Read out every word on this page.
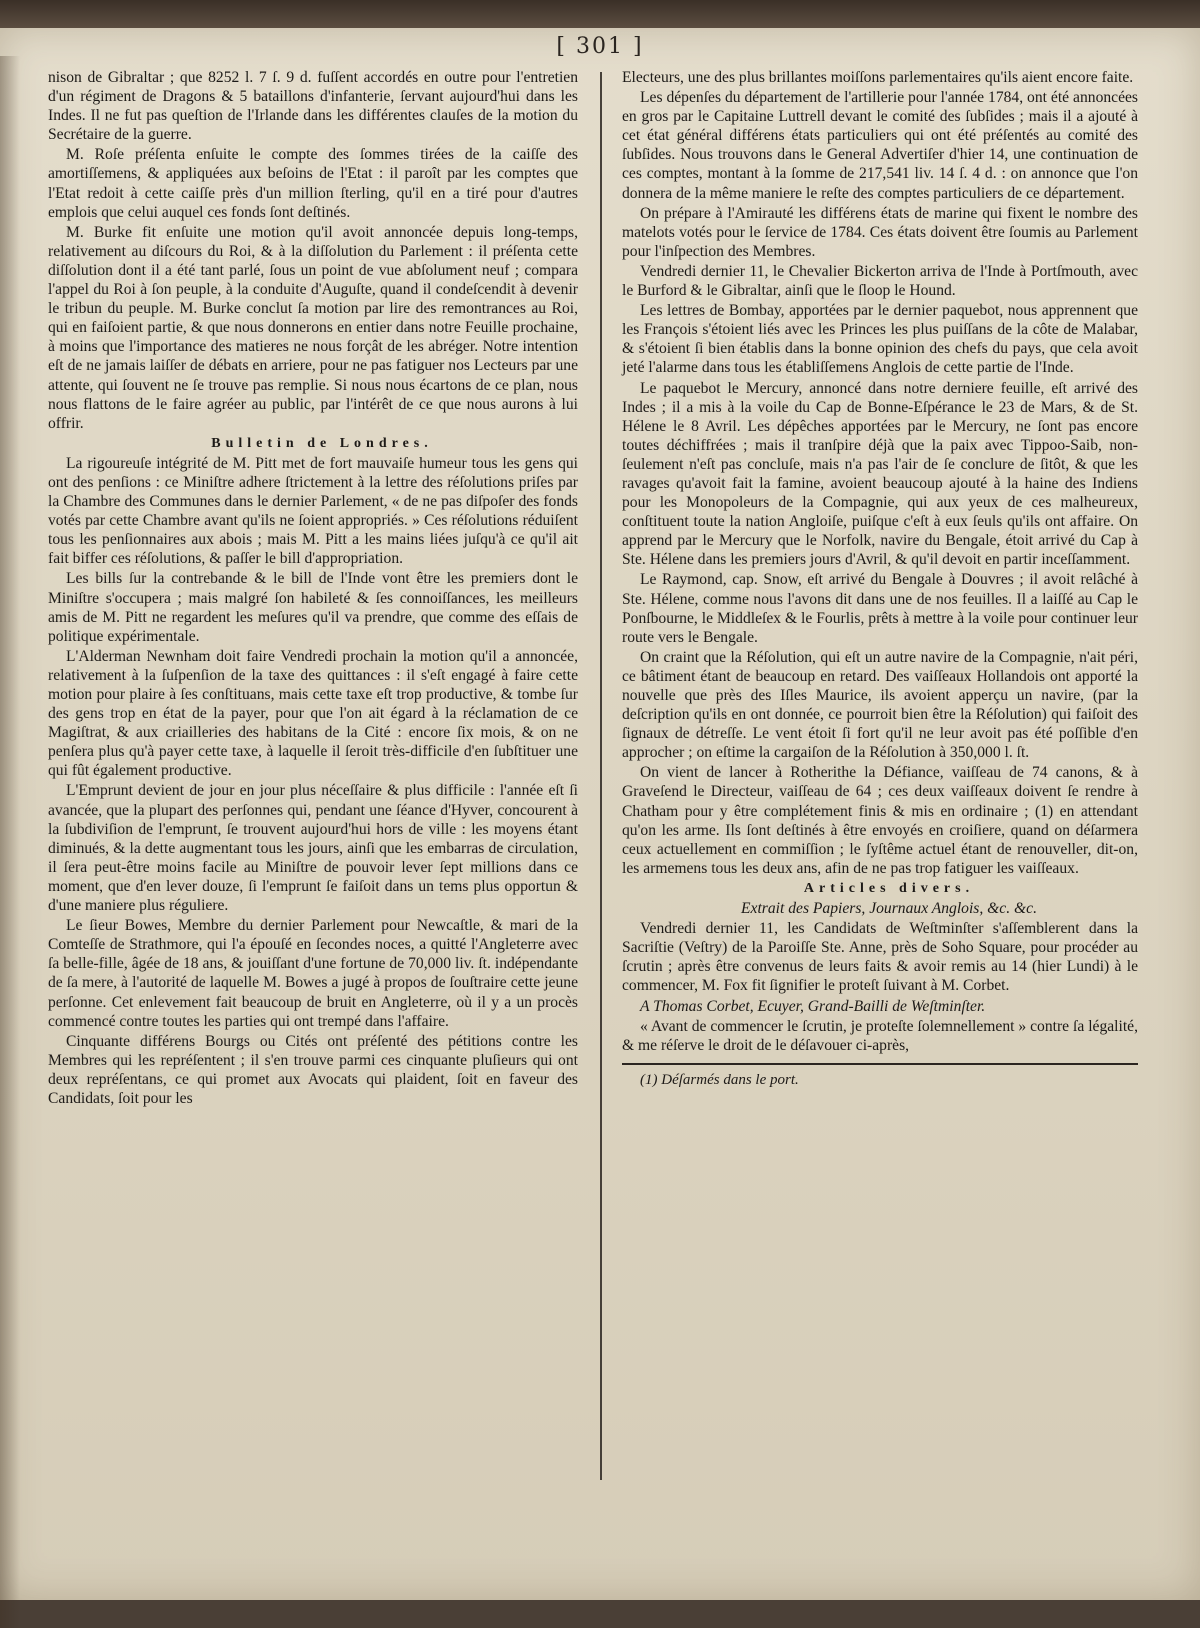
[ 301 ]

nison de Gibraltar ; que 8252 l. 7 ſ. 9 d. fuſſent accordés en outre pour l'entretien d'un régiment de Dragons & 5 bataillons d'infanterie, ſervant aujourd'hui dans les Indes. Il ne fut pas queſtion de l'Irlande dans les différentes clauſes de la motion du Secrétaire de la guerre.

M. Roſe préſenta enſuite le compte des ſommes tirées de la caiſſe des amortiſſemens, & appliquées aux beſoins de l'Etat : il paroît par les comptes que l'Etat redoit à cette caiſſe près d'un million ſterling, qu'il en a tiré pour d'autres emplois que celui auquel ces fonds ſont deſtinés.

M. Burke fit enſuite une motion qu'il avoit annoncée depuis long-temps, relativement au diſcours du Roi, & à la diſſolution du Parlement : il préſenta cette diſſolution dont il a été tant parlé, ſous un point de vue abſolument neuf ; compara l'appel du Roi à ſon peuple, à la conduite d'Auguſte, quand il condeſcendit à devenir le tribun du peuple. M. Burke conclut ſa motion par lire des remontrances au Roi, qui en faiſoient partie, & que nous donnerons en entier dans notre Feuille prochaine, à moins que l'importance des matieres ne nous forçât de les abréger. Notre intention eſt de ne jamais laiſſer de débats en arriere, pour ne pas fatiguer nos Lecteurs par une attente, qui ſouvent ne ſe trouve pas remplie. Si nous nous écartons de ce plan, nous nous flattons de le faire agréer au public, par l'intérêt de ce que nous aurons à lui offrir.

Bulletin de Londres.

La rigoureuſe intégrité de M. Pitt met de fort mauvaiſe humeur tous les gens qui ont des penſions : ce Miniſtre adhere ſtrictement à la lettre des réſolutions priſes par la Chambre des Communes dans le dernier Parlement, « de ne pas diſpoſer des fonds votés par cette Chambre avant qu'ils ne ſoient appropriés. » Ces réſolutions réduiſent tous les penſionnaires aux abois ; mais M. Pitt a les mains liées juſqu'à ce qu'il ait fait biffer ces réſolutions, & paſſer le bill d'appropriation.

Les bills ſur la contrebande & le bill de l'Inde vont être les premiers dont le Miniſtre s'occupera ; mais malgré ſon habileté & ſes connoiſſances, les meilleurs amis de M. Pitt ne regardent les meſures qu'il va prendre, que comme des eſſais de politique expérimentale.

L'Alderman Newnham doit faire Vendredi prochain la motion qu'il a annoncée, relativement à la ſuſpenſion de la taxe des quittances : il s'eſt engagé à faire cette motion pour plaire à ſes conſtituans, mais cette taxe eſt trop productive, & tombe ſur des gens trop en état de la payer, pour que l'on ait égard à la réclamation de ce Magiſtrat, & aux criailleries des habitans de la Cité : encore ſix mois, & on ne penſera plus qu'à payer cette taxe, à laquelle il ſeroit très-difficile d'en ſubſtituer une qui fût également productive.

L'Emprunt devient de jour en jour plus néceſſaire & plus difficile : l'année eſt ſi avancée, que la plupart des perſonnes qui, pendant une ſéance d'Hyver, concourent à la ſubdiviſion de l'emprunt, ſe trouvent aujourd'hui hors de ville : les moyens étant diminués, & la dette augmentant tous les jours, ainſi que les embarras de circulation, il ſera peut-être moins facile au Miniſtre de pouvoir lever ſept millions dans ce moment, que d'en lever douze, ſi l'emprunt ſe faiſoit dans un tems plus opportun & d'une maniere plus réguliere.

Le ſieur Bowes, Membre du dernier Parlement pour Newcaſtle, & mari de la Comteſſe de Strathmore, qui l'a épouſé en ſecondes noces, a quitté l'Angleterre avec ſa belle-fille, âgée de 18 ans, & jouiſſant d'une fortune de 70,000 liv. ſt. indépendante de ſa mere, à l'autorité de laquelle M. Bowes a jugé à propos de ſouſtraire cette jeune perſonne. Cet enlevement fait beaucoup de bruit en Angleterre, où il y a un procès commencé contre toutes les parties qui ont trempé dans l'affaire.

Cinquante différens Bourgs ou Cités ont préſenté des pétitions contre les Membres qui les repréſentent ; il s'en trouve parmi ces cinquante pluſieurs qui ont deux repréſentans, ce qui promet aux Avocats qui plaident, ſoit en faveur des Candidats, ſoit pour les

Electeurs, une des plus brillantes moiſſons parlementaires qu'ils aient encore faite.

Les dépenſes du département de l'artillerie pour l'année 1784, ont été annoncées en gros par le Capitaine Luttrell devant le comité des ſubſides ; mais il a ajouté à cet état général différens états particuliers qui ont été préſentés au comité des ſubſides. Nous trouvons dans le General Advertiſer d'hier 14, une continuation de ces comptes, montant à la ſomme de 217,541 liv. 14 ſ. 4 d. : on annonce que l'on donnera de la même maniere le reſte des comptes particuliers de ce département.

On prépare à l'Amirauté les différens états de marine qui fixent le nombre des matelots votés pour le ſervice de 1784. Ces états doivent être ſoumis au Parlement pour l'inſpection des Membres.

Vendredi dernier 11, le Chevalier Bickerton arriva de l'Inde à Portſmouth, avec le Burford & le Gibraltar, ainſi que le ſloop le Hound.

Les lettres de Bombay, apportées par le dernier paquebot, nous apprennent que les François s'étoient liés avec les Princes les plus puiſſans de la côte de Malabar, & s'étoient ſi bien établis dans la bonne opinion des chefs du pays, que cela avoit jeté l'alarme dans tous les établiſſemens Anglois de cette partie de l'Inde.

Le paquebot le Mercury, annoncé dans notre derniere feuille, eſt arrivé des Indes ; il a mis à la voile du Cap de Bonne-Eſpérance le 23 de Mars, & de St. Hélene le 8 Avril. Les dépêches apportées par le Mercury, ne ſont pas encore toutes déchiffrées ; mais il tranſpire déjà que la paix avec Tippoo-Saib, non-ſeulement n'eſt pas concluſe, mais n'a pas l'air de ſe conclure de ſitôt, & que les ravages qu'avoit fait la famine, avoient beaucoup ajouté à la haine des Indiens pour les Monopoleurs de la Compagnie, qui aux yeux de ces malheureux, conſtituent toute la nation Angloiſe, puiſque c'eſt à eux ſeuls qu'ils ont affaire. On apprend par le Mercury que le Norfolk, navire du Bengale, étoit arrivé du Cap à Ste. Hélene dans les premiers jours d'Avril, & qu'il devoit en partir inceſſamment.

Le Raymond, cap. Snow, eſt arrivé du Bengale à Douvres ; il avoit relâché à Ste. Hélene, comme nous l'avons dit dans une de nos feuilles. Il a laiſſé au Cap le Ponſbourne, le Middleſex & le Fourlis, prêts à mettre à la voile pour continuer leur route vers le Bengale.

On craint que la Réſolution, qui eſt un autre navire de la Compagnie, n'ait péri, ce bâtiment étant de beaucoup en retard. Des vaiſſeaux Hollandois ont apporté la nouvelle que près des Iſles Maurice, ils avoient apperçu un navire, (par la deſcription qu'ils en ont donnée, ce pourroit bien être la Réſolution) qui faiſoit des ſignaux de détreſſe. Le vent étoit ſi fort qu'il ne leur avoit pas été poſſible d'en approcher ; on eſtime la cargaiſon de la Réſolution à 350,000 l. ſt.

On vient de lancer à Rotherithe la Défiance, vaiſſeau de 74 canons, & à Graveſend le Directeur, vaiſſeau de 64 ; ces deux vaiſſeaux doivent ſe rendre à Chatham pour y être complétement finis & mis en ordinaire ; (1) en attendant qu'on les arme. Ils ſont deſtinés à être envoyés en croiſiere, quand on déſarmera ceux actuellement en commiſſion ; le ſyſtême actuel étant de renouveller, dit-on, les armemens tous les deux ans, afin de ne pas trop fatiguer les vaiſſeaux.

Articles divers.

Extrait des Papiers, Journaux Anglois, &c. &c.

Vendredi dernier 11, les Candidats de Weſtminſter s'aſſemblerent dans la Sacriſtie (Veſtry) de la Paroiſſe Ste. Anne, près de Soho Square, pour procéder au ſcrutin ; après être convenus de leurs faits & avoir remis au 14 (hier Lundi) à le commencer, M. Fox fit ſignifier le proteſt ſuivant à M. Corbet.

A Thomas Corbet, Ecuyer, Grand-Bailli de Weſtminſter.

« Avant de commencer le ſcrutin, je proteſte ſolemnellement » contre ſa légalité, & me réſerve le droit de le déſavouer ci-après,

(1) Déſarmés dans le port.
